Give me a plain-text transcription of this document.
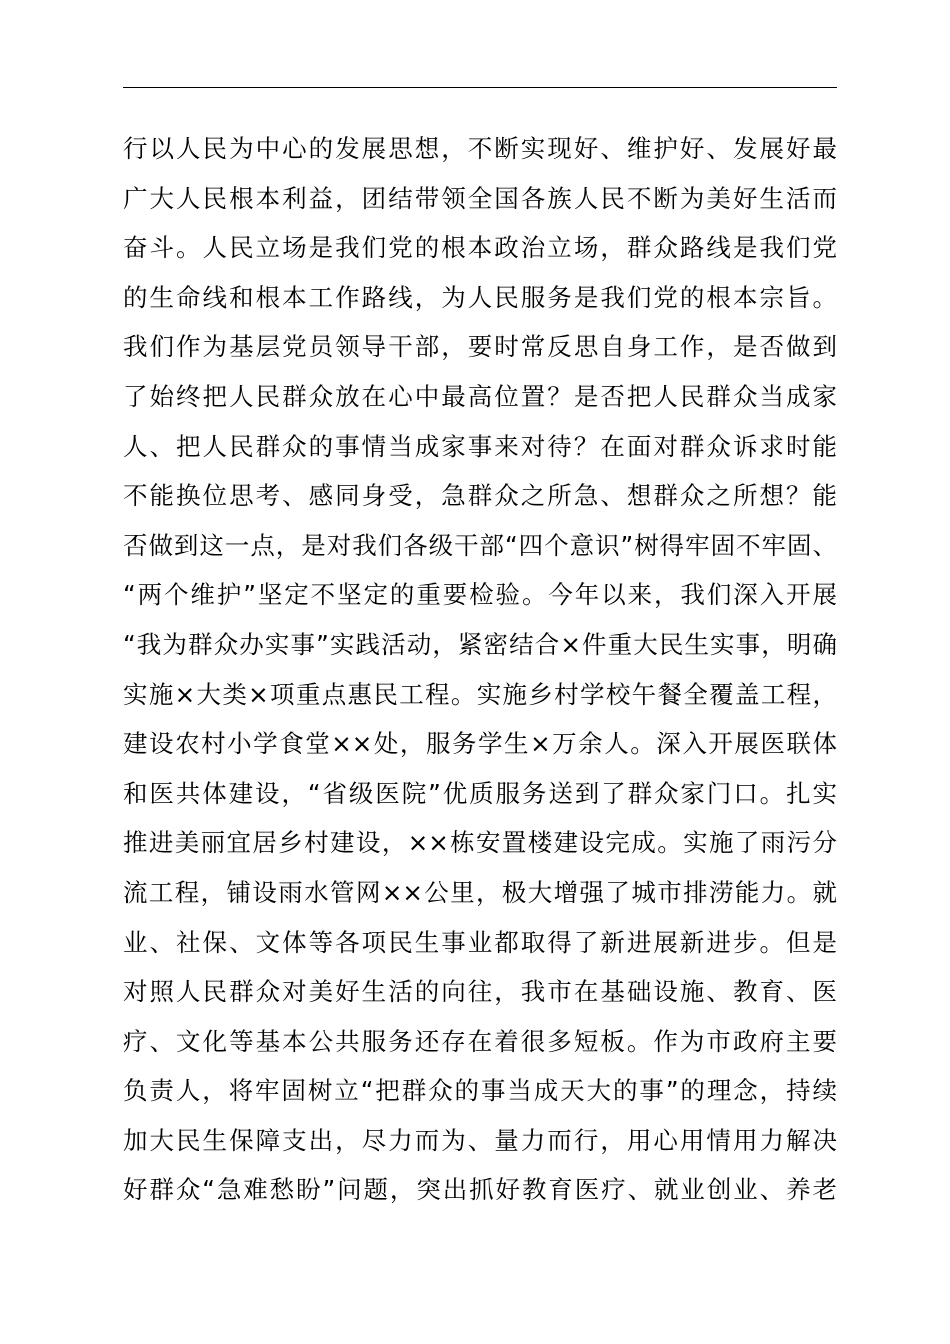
行以人民为中心的发展思想，不断实现好、维护好、发展好最
广大人民根本利益，团结带领全国各族人民不断为美好生活而
奋斗。人民立场是我们党的根本政治立场，群众路线是我们党
的生命线和根本工作路线，为人民服务是我们党的根本宗旨。
我们作为基层党员领导干部，要时常反思自身工作，是否做到
了始终把人民群众放在心中最高位置？是否把人民群众当成家
人、把人民群众的事情当成家事来对待？在面对群众诉求时能
不能换位思考、感同身受，急群众之所急、想群众之所想？能
否做到这一点，是对我们各级干部“四个意识”树得牢固不牢固、
“两个维护”坚定不坚定的重要检验。今年以来，我们深入开展
“我为群众办实事”实践活动，紧密结合×件重大民生实事，明确
实施×大类×项重点惠民工程。实施乡村学校午餐全覆盖工程，
建设农村小学食堂××处，服务学生×万余人。深入开展医联体
和医共体建设，“省级医院”优质服务送到了群众家门口。扎实
推进美丽宜居乡村建设，××栋安置楼建设完成。实施了雨污分
流工程，铺设雨水管网××公里，极大增强了城市排涝能力。就
业、社保、文体等各项民生事业都取得了新进展新进步。但是
对照人民群众对美好生活的向往，我市在基础设施、教育、医
疗、文化等基本公共服务还存在着很多短板。作为市政府主要
负责人，将牢固树立“把群众的事当成天大的事”的理念，持续
加大民生保障支出，尽力而为、量力而行，用心用情用力解决
好群众“急难愁盼”问题，突出抓好教育医疗、就业创业、养老
